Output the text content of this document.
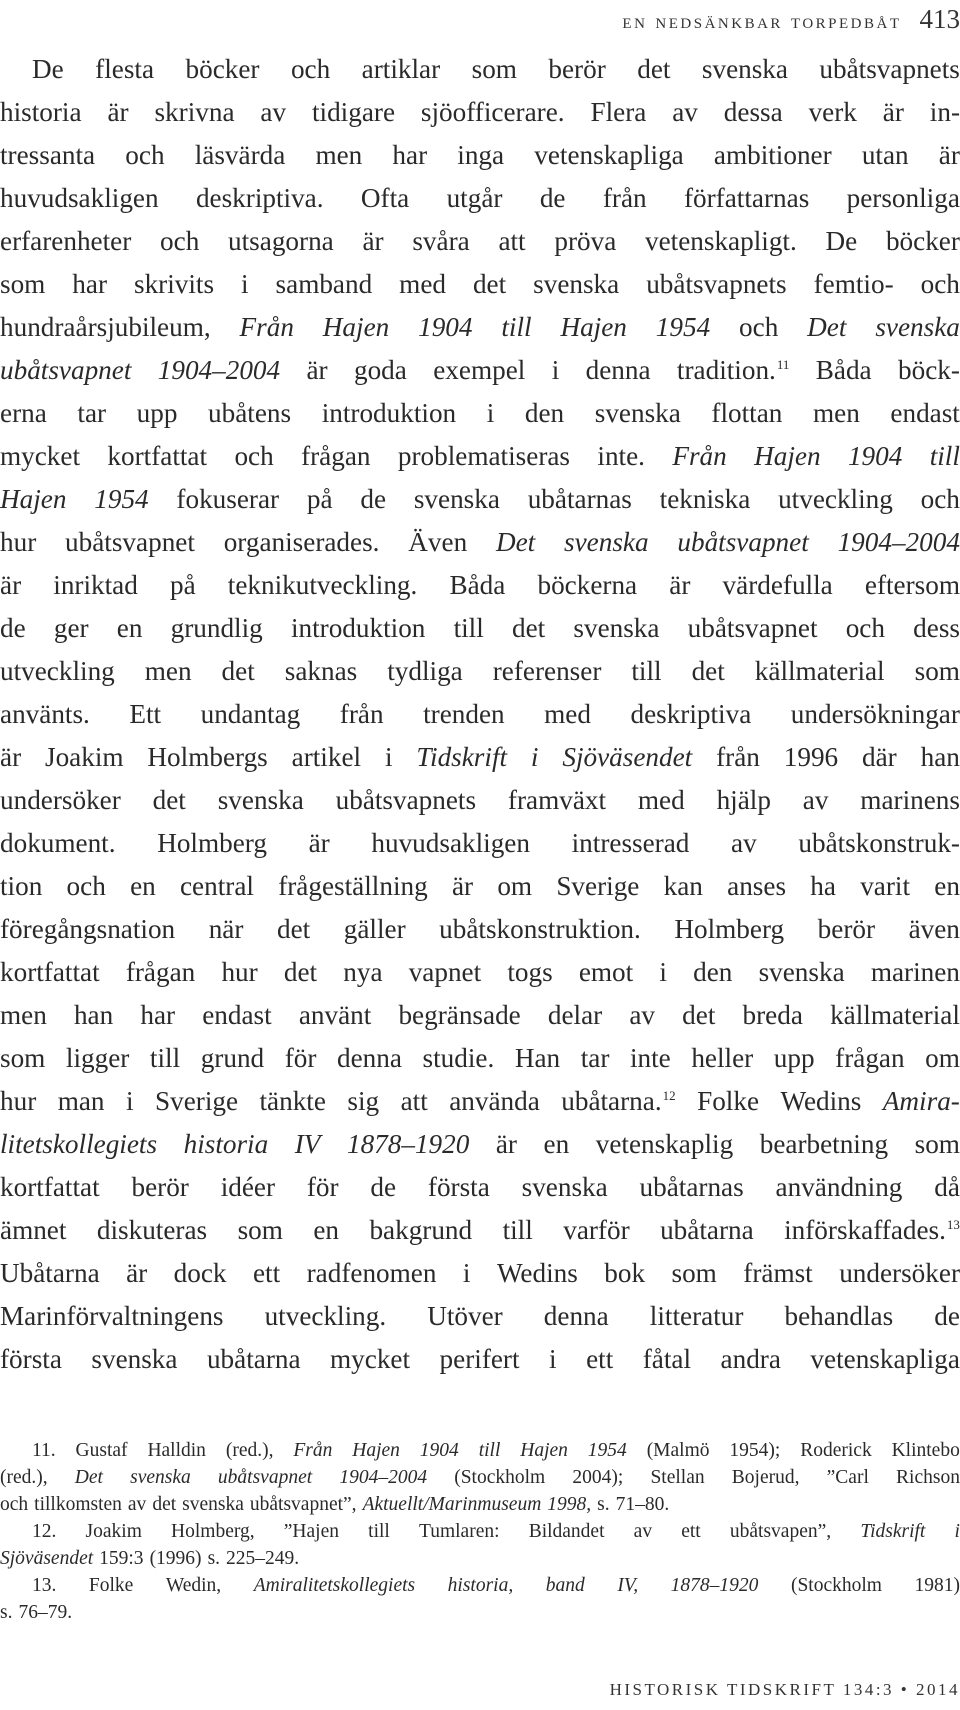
en nedsänkbar torpedbåt 413
De flesta böcker och artiklar som berör det svenska ubåtsvapnets
historia är skrivna av tidigare sjöofficerare. Flera av dessa verk är in-
tressanta och läsvärda men har inga vetenskapliga ambitioner utan är
huvudsakligen deskriptiva. Ofta utgår de från författarnas personliga
erfarenheter och utsagorna är svåra att pröva vetenskapligt. De böcker
som har skrivits i samband med det svenska ubåtsvapnets femtio- och
hundraårsjubileum, Från Hajen 1904 till Hajen 1954 och Det svenska
ubåtsvapnet 1904–2004 är goda exempel i denna tradition.$^{11}$ Båda böck-
erna tar upp ubåtens introduktion i den svenska flottan men endast
mycket kortfattat och frågan problematiseras inte. Från Hajen 1904 till
Hajen 1954 fokuserar på de svenska ubåtarnas tekniska utveckling och
hur ubåtsvapnet organiserades. Även Det svenska ubåtsvapnet 1904–2004
är inriktad på teknikutveckling. Båda böckerna är värdefulla eftersom
de ger en grundlig introduktion till det svenska ubåtsvapnet och dess
utveckling men det saknas tydliga referenser till det källmaterial som
använts. Ett undantag från trenden med deskriptiva undersökningar
är Joakim Holmbergs artikel i Tidskrift i Sjöväsendet från 1996 där han
undersöker det svenska ubåtsvapnets framväxt med hjälp av marinens
dokument. Holmberg är huvudsakligen intresserad av ubåtskonstruk-
tion och en central frågeställning är om Sverige kan anses ha varit en
föregångsnation när det gäller ubåtskonstruktion. Holmberg berör även
kortfattat frågan hur det nya vapnet togs emot i den svenska marinen
men han har endast använt begränsade delar av det breda källmaterial
som ligger till grund för denna studie. Han tar inte heller upp frågan om
hur man i Sverige tänkte sig att använda ubåtarna.$^{12}$ Folke Wedins Amira-
litetskollegiets historia IV 1878–1920 är en vetenskaplig bearbetning som
kortfattat berör idéer för de första svenska ubåtarnas användning då
ämnet diskuteras som en bakgrund till varför ubåtarna införskaffades.$^{13}$
Ubåtarna är dock ett radfenomen i Wedins bok som främst undersöker
Marinförvaltningens utveckling. Utöver denna litteratur behandlas de
första svenska ubåtarna mycket perifert i ett fåtal andra vetenskapliga
11. Gustaf Halldin (red.), Från Hajen 1904 till Hajen 1954 (Malmö 1954); Roderick Klintebo
(red.), Det svenska ubåtsvapnet 1904–2004 (Stockholm 2004); Stellan Bojerud, ”Carl Richson
och tillkomsten av det svenska ubåtsvapnet”, Aktuellt/Marinmuseum 1998, s. 71–80.
12. Joakim Holmberg, ”Hajen till Tumlaren: Bildandet av ett ubåtsvapen”, Tidskrift i
Sjöväsendet 159:3 (1996) s. 225–249.
13. Folke Wedin, Amiralitetskollegiets historia, band IV, 1878–1920 (Stockholm 1981)
s. 76–79.
HISTORISK TIDSKRIFT 134:3 • 2014
